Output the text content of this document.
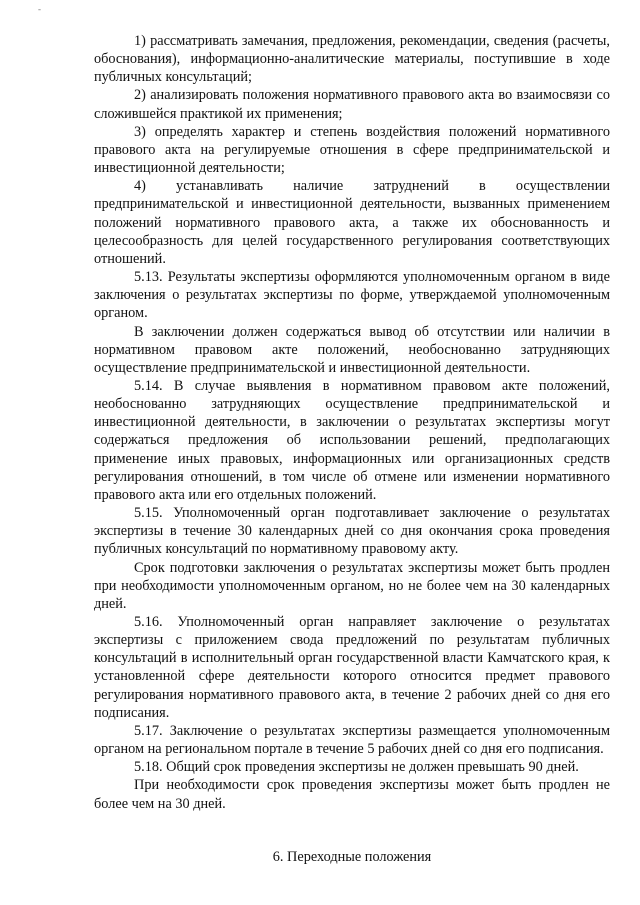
-

1) рассматривать замечания, предложения, рекомендации, сведения (расчеты, обоснования), информационно-аналитические материалы, поступившие в ходе публичных консультаций;

2) анализировать положения нормативного правового акта во взаимосвязи со сложившейся практикой их применения;

3) определять характер и степень воздействия положений нормативного правового акта на регулируемые отношения в сфере предпринимательской и инвестиционной деятельности;

4) устанавливать наличие затруднений в осуществлении предпринимательской и инвестиционной деятельности, вызванных применением положений нормативного правового акта, а также их обоснованность и целесообразность для целей государственного регулирования соответствующих отношений.

5.13. Результаты экспертизы оформляются уполномоченным органом в виде заключения о результатах экспертизы по форме, утверждаемой уполномоченным органом.

В заключении должен содержаться вывод об отсутствии или наличии в нормативном правовом акте положений, необоснованно затрудняющих осуществление предпринимательской и инвестиционной деятельности.

5.14. В случае выявления в нормативном правовом акте положений, необоснованно затрудняющих осуществление предпринимательской и инвестиционной деятельности, в заключении о результатах экспертизы могут содержаться предложения об использовании решений, предполагающих применение иных правовых, информационных или организационных средств регулирования отношений, в том числе об отмене или изменении нормативного правового акта или его отдельных положений.

5.15. Уполномоченный орган подготавливает заключение о результатах экспертизы в течение 30 календарных дней со дня окончания срока проведения публичных консультаций по нормативному правовому акту.

Срок подготовки заключения о результатах экспертизы может быть продлен при необходимости уполномоченным органом, но не более чем на 30 календарных дней.

5.16. Уполномоченный орган направляет заключение о результатах экспертизы с приложением свода предложений по результатам публичных консультаций в исполнительный орган государственной власти Камчатского края, к установленной сфере деятельности которого относится предмет правового регулирования нормативного правового акта, в течение 2 рабочих дней со дня его подписания.

5.17. Заключение о результатах экспертизы размещается уполномоченным органом на региональном портале в течение 5 рабочих дней со дня его подписания.

5.18. Общий срок проведения экспертизы не должен превышать 90 дней.

При необходимости срок проведения экспертизы может быть продлен не более чем на 30 дней.

6. Переходные положения
